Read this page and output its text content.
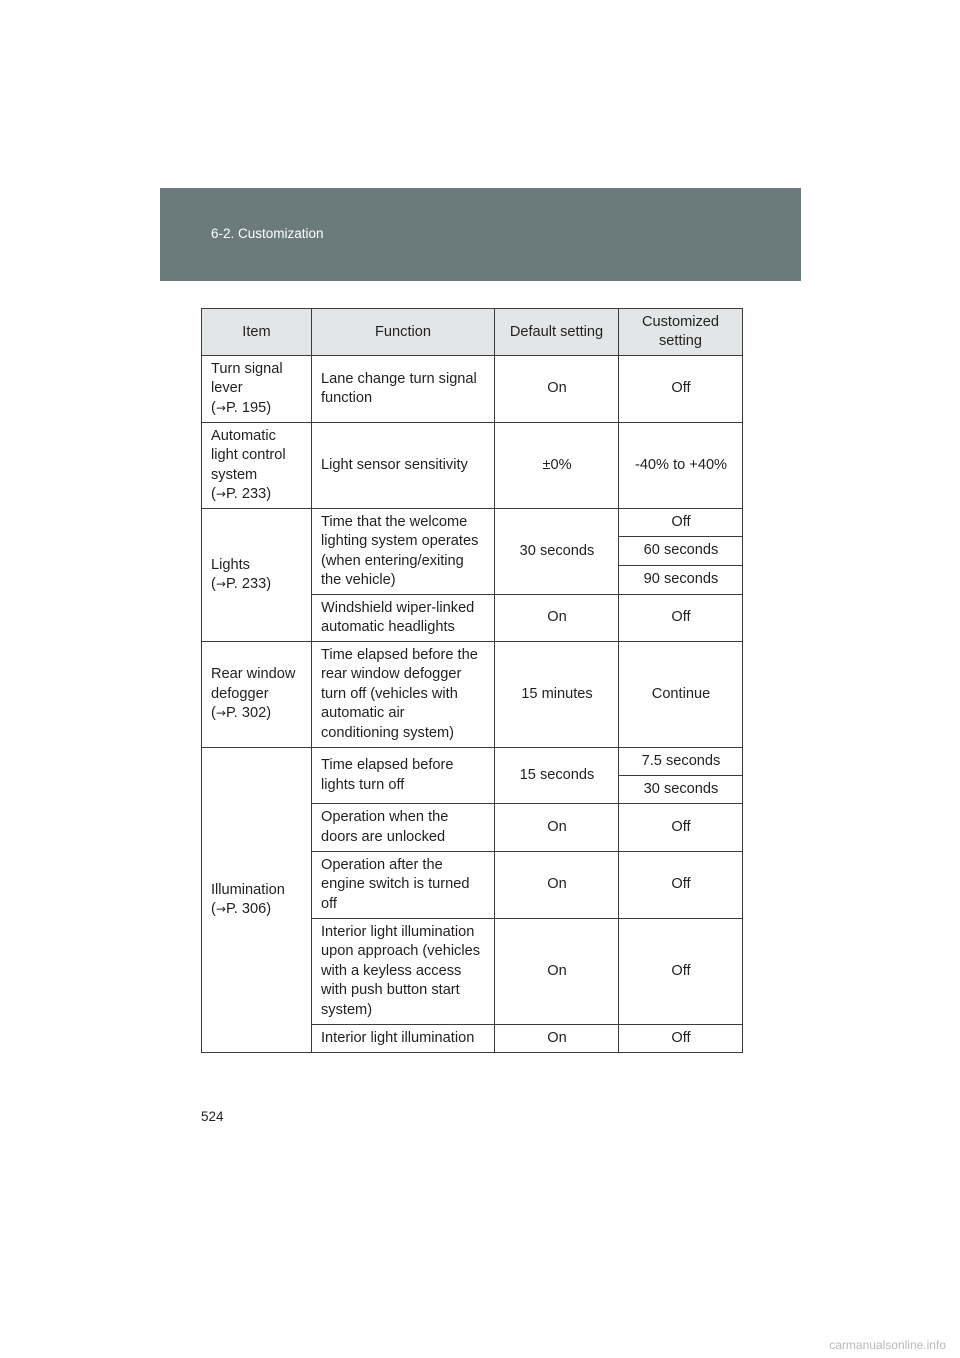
6-2. Customization
Item	Function	Default setting	Customized setting
Turn signal lever
(→P. 195)	Lane change turn signal function	On	Off
Automatic light control system
(→P. 233)	Light sensor sensitivity	±0%	-40% to +40%
Lights
(→P. 233)	Time that the welcome lighting system operates (when entering/exiting the vehicle)	30 seconds	Off
			60 seconds
			90 seconds
	Windshield wiper-linked automatic headlights	On	Off
Rear window defogger
(→P. 302)	Time elapsed before the rear window defogger turn off (vehicles with automatic air conditioning system)	15 minutes	Continue
Illumination
(→P. 306)	Time elapsed before lights turn off	15 seconds	7.5 seconds
			30 seconds
	Operation when the doors are unlocked	On	Off
	Operation after the engine switch is turned off	On	Off
	Interior light illumination upon approach (vehicles with a keyless access with push button start system)	On	Off
	Interior light illumination	On	Off
524
carmanualsonline.info
